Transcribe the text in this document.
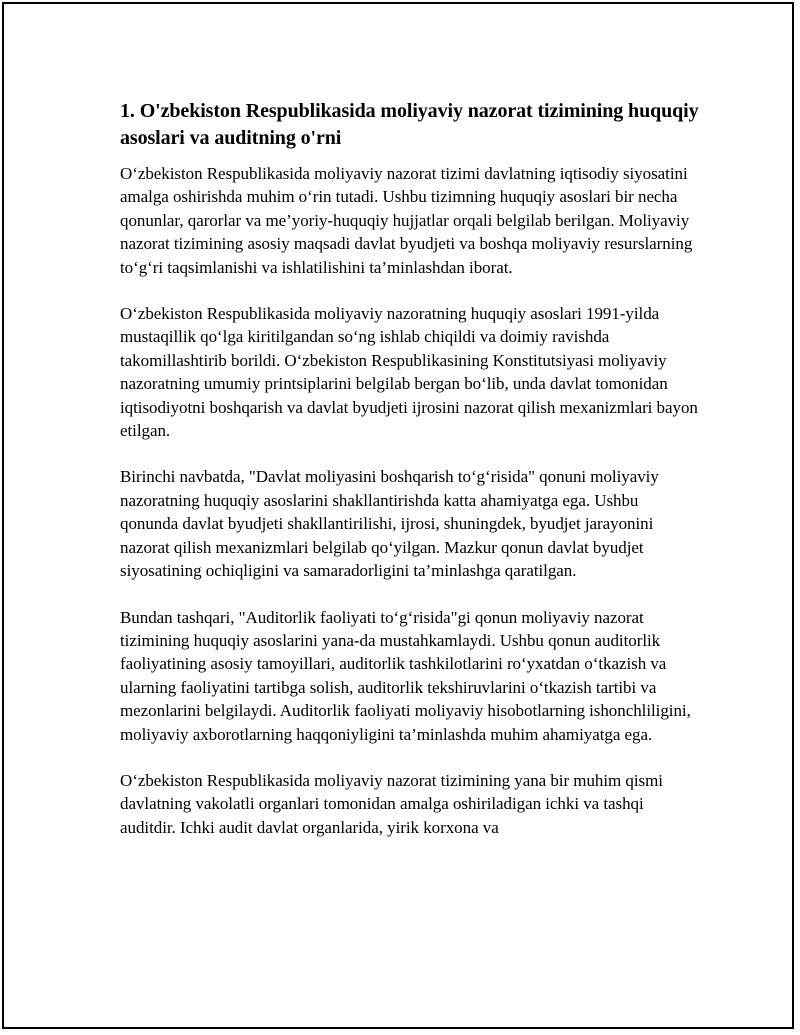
1. O'zbekiston Respublikasida moliyaviy nazorat tizimining huquqiy asoslari va auditning o'rni

O‘zbekiston Respublikasida moliyaviy nazorat tizimi davlatning iqtisodiy siyosatini amalga oshirishda muhim o‘rin tutadi. Ushbu tizimning huquqiy asoslari bir necha qonunlar, qarorlar va me’yoriy-huquqiy hujjatlar orqali belgilab berilgan. Moliyaviy nazorat tizimining asosiy maqsadi davlat byudjeti va boshqa moliyaviy resurslarning to‘g‘ri taqsimlanishi va ishlatilishini ta’minlashdan iborat.

O‘zbekiston Respublikasida moliyaviy nazoratning huquqiy asoslari 1991-yilda mustaqillik qo‘lga kiritilgandan so‘ng ishlab chiqildi va doimiy ravishda takomillashtirib borildi. O‘zbekiston Respublikasining Konstitutsiyasi moliyaviy nazoratning umumiy printsiplarini belgilab bergan bo‘lib, unda davlat tomonidan iqtisodiyotni boshqarish va davlat byudjeti ijrosini nazorat qilish mexanizmlari bayon etilgan.

Birinchi navbatda, "Davlat moliyasini boshqarish to‘g‘risida" qonuni moliyaviy nazoratning huquqiy asoslarini shakllantirishda katta ahamiyatga ega. Ushbu qonunda davlat byudjeti shakllantirilishi, ijrosi, shuningdek, byudjet jarayonini nazorat qilish mexanizmlari belgilab qo‘yilgan. Mazkur qonun davlat byudjet siyosatining ochiqligini va samaradorligini ta’minlashga qaratilgan.

Bundan tashqari, "Auditorlik faoliyati to‘g‘risida"gi qonun moliyaviy nazorat tizimining huquqiy asoslarini yana-da mustahkamlaydi. Ushbu qonun auditorlik faoliyatining asosiy tamoyillari, auditorlik tashkilotlarini ro‘yxatdan o‘tkazish va ularning faoliyatini tartibga solish, auditorlik tekshiruvlarini o‘tkazish tartibi va mezonlarini belgilaydi. Auditorlik faoliyati moliyaviy hisobotlarning ishonchliligini, moliyaviy axborotlarning haqqoniyligini ta’minlashda muhim ahamiyatga ega.

O‘zbekiston Respublikasida moliyaviy nazorat tizimining yana bir muhim qismi davlatning vakolatli organlari tomonidan amalga oshiriladigan ichki va tashqi auditdir. Ichki audit davlat organlarida, yirik korxona va
